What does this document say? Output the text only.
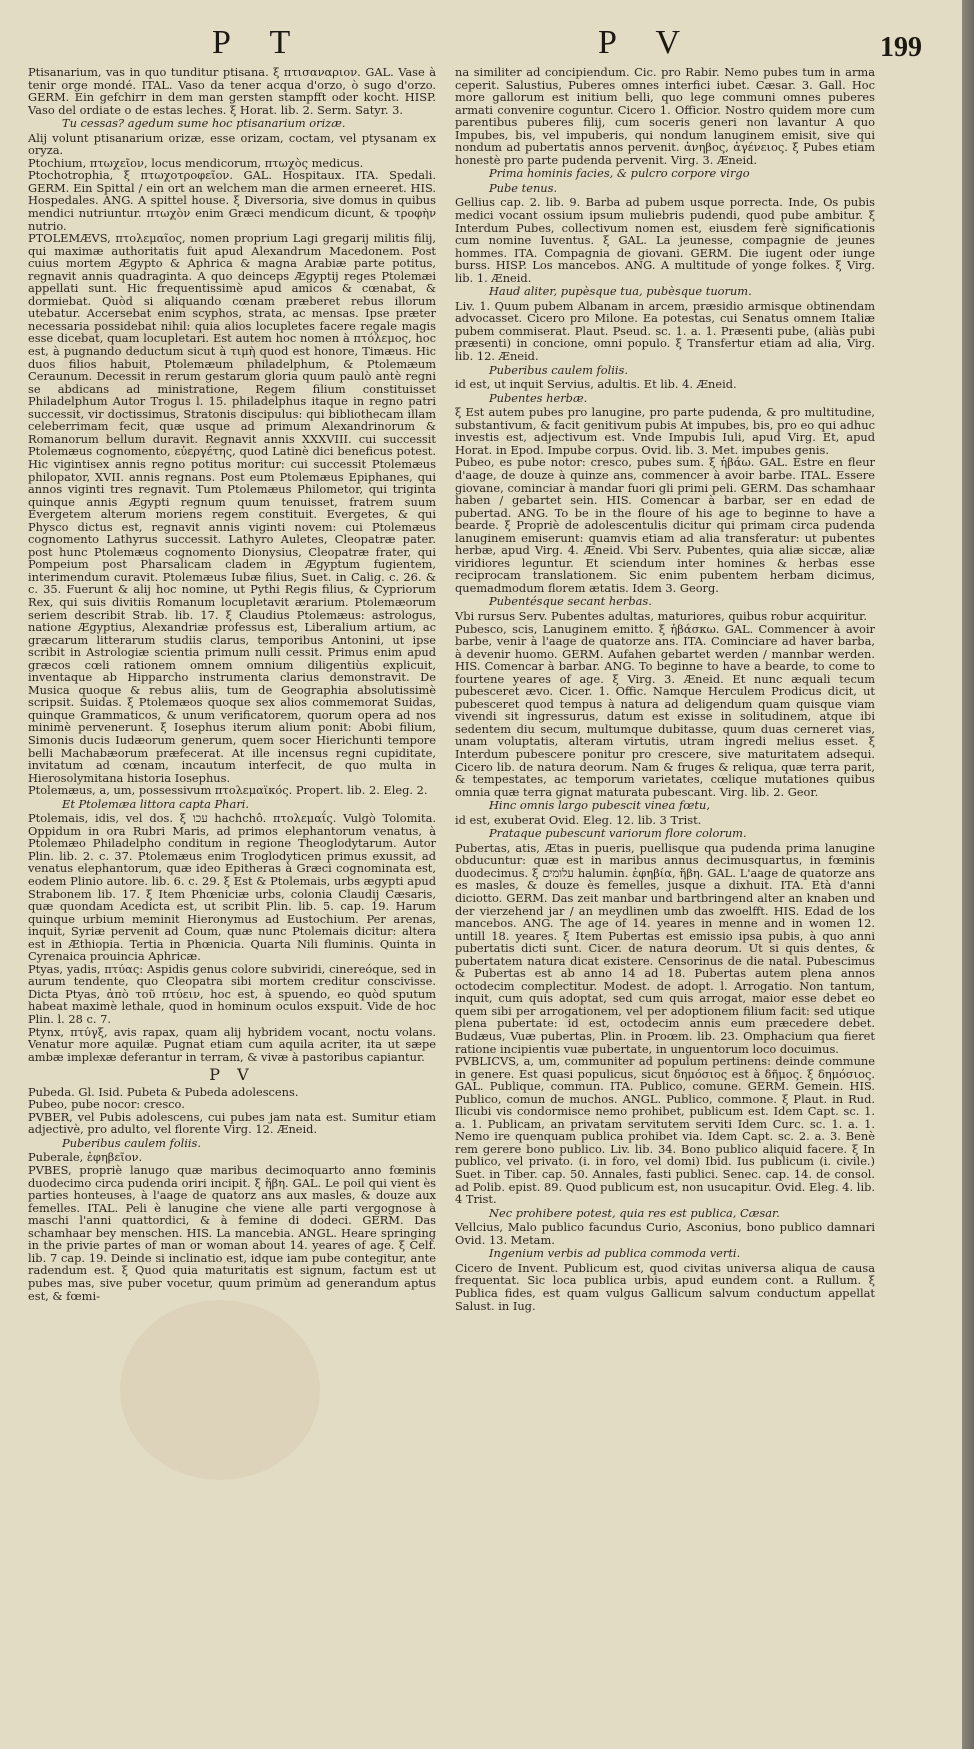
P T	P V	199

Ptisanarium, vas in quo tunditur ptisana. ξ πτισαναριον. GAL. Vase à tenir orge mondé. ITAL. Vaso da tener acqua d'orzo, ò sugo d'orzo. GERM. Ein gefchirr in dem man gersten stampfft oder kocht. HISP. Vaso del ordiate o de estas leches. ξ Horat. lib. 2. Serm. Satyr. 3.

Tu cessas? agedum sume hoc ptisanarium orizæ.

Alij volunt ptisanarium orizæ, esse orizam, coctam, vel ptysanam ex oryza.

Ptochium, πτωχεῖον, locus mendicorum, πτωχὸς medicus.

Ptochotrophia, ξ πτωχοτροφεῖον. GAL. Hospitaux. ITA. Spedali. GERM. Ein Spittal / ein ort an welchem man die armen erneeret. HIS. Hospedales. ANG. A spittel house. ξ Diversoria, sive domus in quibus mendici nutriuntur. πτωχὸν enim Græci mendicum dicunt, & τροφὴν nutrio.

PTOLEMÆVS, πτολεμαῖος, nomen proprium Lagi gregarij militis filij, qui maximæ authoritatis fuit apud Alexandrum Macedonem. Post cuius mortem Ægypto & Aphrica & magna Arabiæ parte potitus, regnavit annis quadraginta. A quo deinceps Ægyptij reges Ptolemæi appellati sunt. Hic frequentissimè apud amicos & cœnabat, & dormiebat. Quòd si aliquando cœnam præberet rebus illorum utebatur. Accersebat enim scyphos, strata, ac mensas. Ipse præter necessaria possidebat nihil: quia alios locupletes facere regale magis esse dicebat, quam locupletari. Est autem hoc nomen à πτόλεμος, hoc est, à pugnando deductum sicut à τιμὴ quod est honore, Timæus. Hic duos filios habuit, Ptolemæum philadelphum, & Ptolemæum Ceraunum. Decessit in rerum gestarum gloria quum paulò antè regni se abdicans ad ministratione, Regem filium constituisset Philadelphum Autor Trogus l. 15. philadelphus itaque in regno patri successit, vir doctissimus, Stratonis discipulus: qui bibliothecam illam celeberrimam fecit, quæ usque ad primum Alexandrinorum & Romanorum bellum duravit. Regnavit annis XXXVIII. cui successit Ptolemæus cognomento, εὐεργέτης, quod Latinè dici beneficus potest. Hic vigintisex annis regno potitus moritur: cui successit Ptolemæus philopator, XVII. annis regnans. Post eum Ptolemæus Epiphanes, qui annos viginti tres regnavit. Tum Ptolemæus Philometor, qui triginta quinque annis Ægypti regnum quum tenuisset, fratrem suum Evergetem alterum moriens regem constituit. Evergetes, & qui Physco dictus est, regnavit annis viginti novem: cui Ptolemæus cognomento Lathyrus successit. Lathyro Auletes, Cleopatræ pater. post hunc Ptolemæus cognomento Dionysius, Cleopatræ frater, qui Pompeium post Pharsalicam cladem in Ægyptum fugientem, interimendum curavit. Ptolemæus Iubæ filius, Suet. in Calig. c. 26. & c. 35. Fuerunt & alij hoc nomine, ut Pythi Regis filius, & Cypriorum Rex, qui suis divitiis Romanum locupletavit ærarium. Ptolemæorum seriem describit Strab. lib. 17. ξ Claudius Ptolemæus: astrologus, natione Ægyptius, Alexandriæ professus est, Liberalium artium, ac græcarum litterarum studiis clarus, temporibus Antonini, ut ipse scribit in Astrologiæ scientia primum nulli cessit. Primus enim apud græcos cœli rationem omnem omnium diligentiùs explicuit, inventaque ab Hipparcho instrumenta clarius demonstravit. De Musica quoque & rebus aliis, tum de Geographia absolutissimè scripsit. Suidas. ξ Ptolemæos quoque sex alios commemorat Suidas, quinque Grammaticos, & unum verificatorem, quorum opera ad nos minimè pervenerunt. ξ Iosephus iterum alium ponit: Abobi filium, Simonis ducis Iudæorum generum, quem socer Hierichunti tempore belli Machabæorum præfecerat. At ille incensus regni cupiditate, invitatum ad cœnam, incautum interfecit, de quo multa in Hierosolymitana historia Iosephus.

Ptolemæus, a, um, possessivum πτολεμαϊκός. Propert. lib. 2. Eleg. 2.

Et Ptolemæa littora capta Phari.

Ptolemais, idis, vel dos. ξ עכו hachchô. πτολεμαΐς. Vulgò Tolomita. Oppidum in ora Rubri Maris, ad primos elephantorum venatus, à Ptolemæo Philadelpho conditum in regione Theoglodytarum. Autor Plin. lib. 2. c. 37. Ptolemæus enim Troglodyticen primus exussit, ad venatus elephantorum, quæ ideo Epitheras à Græci cognominata est, eodem Plinio autore. lib. 6. c. 29. ξ Est & Ptolemais, urbs ægypti apud Strabonem lib. 17. ξ Item Phœniciæ urbs, colonia Claudij Cæsaris, quæ quondam Acedicta est, ut scribit Plin. lib. 5. cap. 19. Harum quinque urbium meminit Hieronymus ad Eustochium. Per arenas, inquit, Syriæ pervenit ad Coum, quæ nunc Ptolemais dicitur: altera est in Æthiopia. Tertia in Phœnicia. Quarta Nili fluminis. Quinta in Cyrenaica prouincia Aphricæ.

Ptyas, yadis, πτύας: Aspidis genus colore subviridi, cinereóque, sed in aurum tendente, quo Cleopatra sibi mortem creditur conscivisse. Dicta Ptyas, ἀπὸ τοῦ πτύειν, hoc est, à spuendo, eo quòd sputum habeat maximè lethale, quod in hominum oculos exspuit. Vide de hoc Plin. l. 28 c. 7.

Ptynx, πτύγξ, avis rapax, quam alij hybridem vocant, noctu volans. Venatur more aquilæ. Pugnat etiam cum aquila acriter, ita ut sæpe ambæ implexæ deferantur in terram, & vivæ à pastoribus capiantur.

P V

Pubeda. Gl. Isid. Pubeta & Pubeda adolescens.

Pubeo, pube nocor: cresco.

PVBER, vel Pubis adolescens, cui pubes jam nata est. Sumitur etiam adjectivè, pro adulto, vel florente Virg. 12. Æneid.

Puberibus caulem foliis.

Puberale, ἐφηβεῖον.

PVBES, propriè lanugo quæ maribus decimoquarto anno fœminis duodecimo circa pudenda oriri incipit. ξ ἥβη. GAL. Le poil qui vient ès parties honteuses, à l'aage de quatorz ans aux masles, & douze aux femelles. ITAL. Peli è lanugine che viene alle parti vergognose à maschi l'anni quattordici, & à femine di dodeci. GERM. Das schamhaar bey menschen. HIS. La mancebia. ANGL. Heare springing in the privie partes of man or woman about 14. yeares of age. ξ Celf. lib. 7 cap. 19. Deinde si inclinatio est, idque iam pube contegitur, ante radendum est. ξ Quod quia maturitatis est signum, factum est ut pubes mas, sive puber vocetur, quum primùm ad generandum aptus est, & fœmi-

na similiter ad concipiendum. Cic. pro Rabir. Nemo pubes tum in arma ceperit. Salustius, Puberes omnes interfici iubet. Cæsar. 3. Gall. Hoc more gallorum est initium belli, quo lege communi omnes puberes armati convenire coguntur. Cicero 1. Officior. Nostro quidem more cum parentibus puberes filij, cum soceris generi non lavantur A quo Impubes, bis, vel impuberis, qui nondum lanuginem emisit, sive qui nondum ad pubertatis annos pervenit. ἀνηβος, ἀγένειος. ξ Pubes etiam honestè pro parte pudenda pervenit. Virg. 3. Æneid.

Prima hominis facies, & pulcro corpore virgo

Pube tenus.

Gellius cap. 2. lib. 9. Barba ad pubem usque porrecta. Inde, Os pubis medici vocant ossium ipsum muliebris pudendi, quod pube ambitur. ξ Interdum Pubes, collectivum nomen est, eiusdem ferè significationis cum nomine Iuventus. ξ GAL. La jeunesse, compagnie de jeunes hommes. ITA. Compagnia de giovani. GERM. Die iugent oder iunge burss. HISP. Los mancebos. ANG. A multitude of yonge folkes. ξ Virg. lib. 1. Æneid.

Haud aliter, pupèsque tua, pubèsque tuorum.

Liv. 1. Quum pubem Albanam in arcem, præsidio armisque obtinendam advocasset. Cicero pro Milone. Ea potestas, cui Senatus omnem Italiæ pubem commiserat. Plaut. Pseud. sc. 1. a. 1. Præsenti pube, (aliàs pubi præsenti) in concione, omni populo. ξ Transfertur etiam ad alia, Virg. lib. 12. Æneid.

Puberibus caulem foliis.

id est, ut inquit Servius, adultis. Et lib. 4. Æneid.

Pubentes herbæ.

ξ Est autem pubes pro lanugine, pro parte pudenda, & pro multitudine, substantivum, & facit genitivum pubis At impubes, bis, pro eo qui adhuc investis est, adjectivum est. Vnde Impubis Iuli, apud Virg. Et, apud Horat. in Epod. Impube corpus. Ovid. lib. 3. Met. impubes genis.

Pubeo, es pube notor: cresco, pubes sum. ξ ἡβάω. GAL. Estre en fleur d'aage, de douze à quinze ans, commencer à avoir barbe. ITAL. Essere giovane, cominciar à mandar fuori gli primi peli. GERM. Das schamhaar haben / gebartet sein. HIS. Comencar à barbar, ser en edad de pubertad. ANG. To be in the floure of his age to beginne to have a bearde. ξ Propriè de adolescentulis dicitur qui primam circa pudenda lanuginem emiserunt: quamvis etiam ad alia transferatur: ut pubentes herbæ, apud Virg. 4. Æneid. Vbi Serv. Pubentes, quia aliæ siccæ, aliæ viridiores leguntur. Et sciendum inter homines & herbas esse reciprocam translationem. Sic enim pubentem herbam dicimus, quemadmodum florem ætatis. Idem 3. Georg.

Pubentésque secant herbas.

Vbi rursus Serv. Pubentes adultas, maturiores, quibus robur acquiritur.

Pubesco, scis, Lanuginem emitto. ξ ἡβάσκω. GAL. Commencer à avoir barbe, venir à l'aage de quatorze ans. ITA. Cominciare ad haver barba, à devenir huomo. GERM. Aufahen gebartet werden / mannbar werden. HIS. Comencar à barbar. ANG. To beginne to have a bearde, to come to fourtene yeares of age. ξ Virg. 3. Æneid. Et nunc æquali tecum pubesceret ævo. Cicer. 1. Offic. Namque Herculem Prodicus dicit, ut pubesceret quod tempus à natura ad deligendum quam quisque viam vivendi sit ingressurus, datum est exisse in solitudinem, atque ibi sedentem diu secum, multumque dubitasse, quum duas cerneret vias, unam voluptatis, alteram virtutis, utram ingredi melius esset. ξ Interdum pubescere ponitur pro crescere, sive maturitatem adsequi. Cicero lib. de natura deorum. Nam & fruges & reliqua, quæ terra parit, & tempestates, ac temporum varietates, cœlique mutationes quibus omnia quæ terra gignat maturata pubescant. Virg. lib. 2. Geor.

Hinc omnis largo pubescit vinea fœtu,

id est, exuberat Ovid. Eleg. 12. lib. 3 Trist.

Prataque pubescunt variorum flore colorum.

Pubertas, atis, Ætas in pueris, puellisque qua pudenda prima lanugine obducuntur: quæ est in maribus annus decimusquartus, in fœminis duodecimus. ξ עלומים halumin. ἐφηβία, ἥβη. GAL. L'aage de quatorze ans es masles, & douze ès femelles, jusque a dixhuit. ITA. Età d'anni diciotto. GERM. Das zeit manbar und bartbringend alter an knaben und der vierzehend jar / an meydlinen umb das zwoelfft. HIS. Edad de los mancebos. ANG. The age of 14. yeares in menne and in women 12. untill 18. yeares. ξ Item Pubertas est emissio ipsa pubis, à quo anni pubertatis dicti sunt. Cicer. de natura deorum. Ut si quis dentes, & pubertatem natura dicat existere. Censorinus de die natal. Pubescimus & Pubertas est ab anno 14 ad 18. Pubertas autem plena annos octodecim complectitur. Modest. de adopt. l. Arrogatio. Non tantum, inquit, cum quis adoptat, sed cum quis arrogat, maior esse debet eo quem sibi per arrogationem, vel per adoptionem filium facit: sed utique plena pubertate: id est, octodecim annis eum præcedere debet. Budæus, Vuæ pubertas, Plin. in Proœm. lib. 23. Omphacium qua fieret ratione incipientis vuæ pubertate, in unguentorum loco docuimus.

PVBLICVS, a, um, communiter ad populum pertinens: deinde commune in genere. Est quasi populicus, sicut δημόσιος est à δῆμος. ξ δημόσιος. GAL. Publique, commun. ITA. Publico, comune. GERM. Gemein. HIS. Publico, comun de muchos. ANGL. Publico, commone. ξ Plaut. in Rud. Ilicubi vis condormisce nemo prohibet, publicum est. Idem Capt. sc. 1. a. 1. Publicam, an privatam servitutem serviti Idem Curc. sc. 1. a. 1. Nemo ire quenquam publica prohibet via. Idem Capt. sc. 2. a. 3. Benè rem gerere bono publico. Liv. lib. 34. Bono publico aliquid facere. ξ In publico, vel privato. (i. in foro, vel domi) Ibid. Ius publicum (i. civile.) Suet. in Tiber. cap. 50. Annales, fasti publici. Senec. cap. 14. de consol. ad Polib. epist. 89. Quod publicum est, non usucapitur. Ovid. Eleg. 4. lib. 4 Trist.

Nec prohibere potest, quia res est publica, Cæsar.

Vellcius, Malo publico facundus Curio, Asconius, bono publico damnari Ovid. 13. Metam.

Ingenium verbis ad publica commoda verti.

Cicero de Invent. Publicum est, quod civitas universa aliqua de causa frequentat. Sic loca publica urbis, apud eundem cont. a Rullum. ξ Publica fides, est quam vulgus Gallicum salvum conductum appellat Salust. in Iug.
